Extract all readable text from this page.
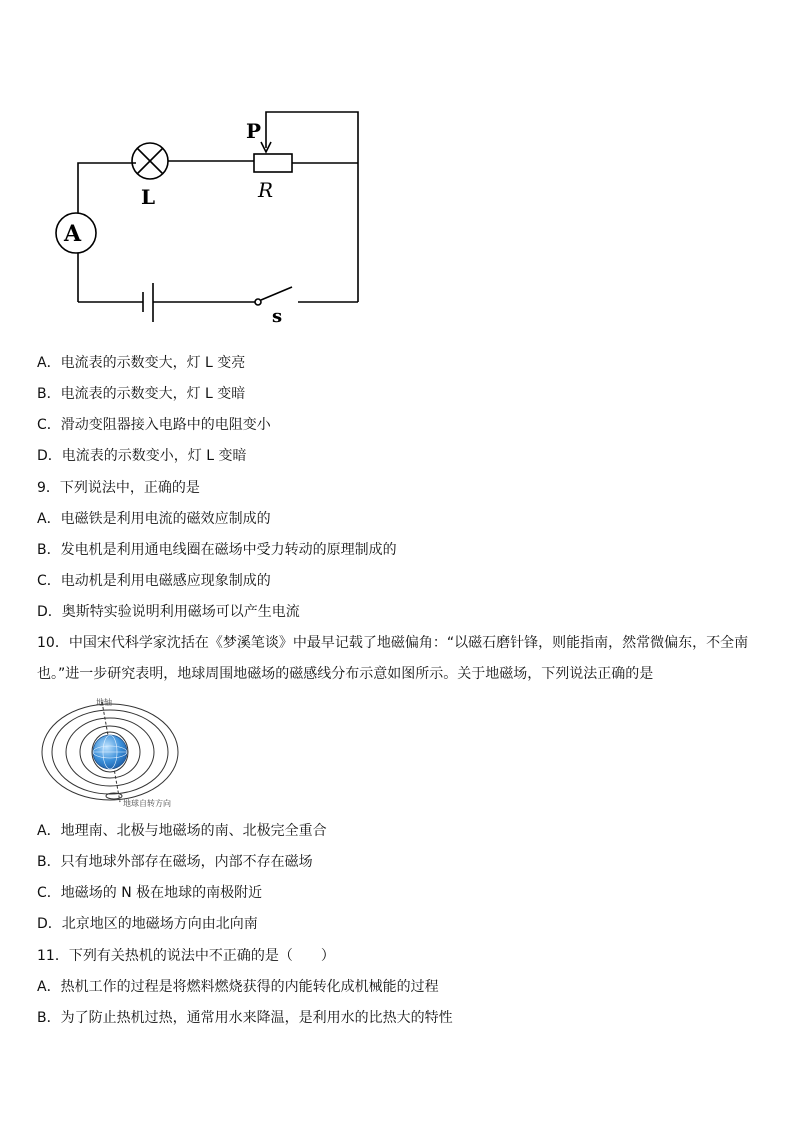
P
R
L
A
s
A．电流表的示数变大，灯 L 变亮
B．电流表的示数变大，灯 L 变暗
C．滑动变阻器接入电路中的电阻变小
D．电流表的示数变小，灯 L 变暗
9．下列说法中，正确的是
A．电磁铁是利用电流的磁效应制成的
B．发电机是利用通电线圈在磁场中受力转动的原理制成的
C．电动机是利用电磁感应现象制成的
D．奥斯特实验说明利用磁场可以产生电流
10．中国宋代科学家沈括在《梦溪笔谈》中最早记载了地磁偏角：“以磁石磨针锋，则能指南，然常微偏东，不全南也。”进一步研究表明，地球周围地磁场的磁感线分布示意如图所示。关于地磁场，下列说法正确的是
地轴
地球自转方向
A．地理南、北极与地磁场的南、北极完全重合
B．只有地球外部存在磁场，内部不存在磁场
C．地磁场的 N 极在地球的南极附近
D．北京地区的地磁场方向由北向南
11．下列有关热机的说法中不正确的是（　　）
A．热机工作的过程是将燃料燃烧获得的内能转化成机械能的过程
B．为了防止热机过热，通常用水来降温，是利用水的比热大的特性
